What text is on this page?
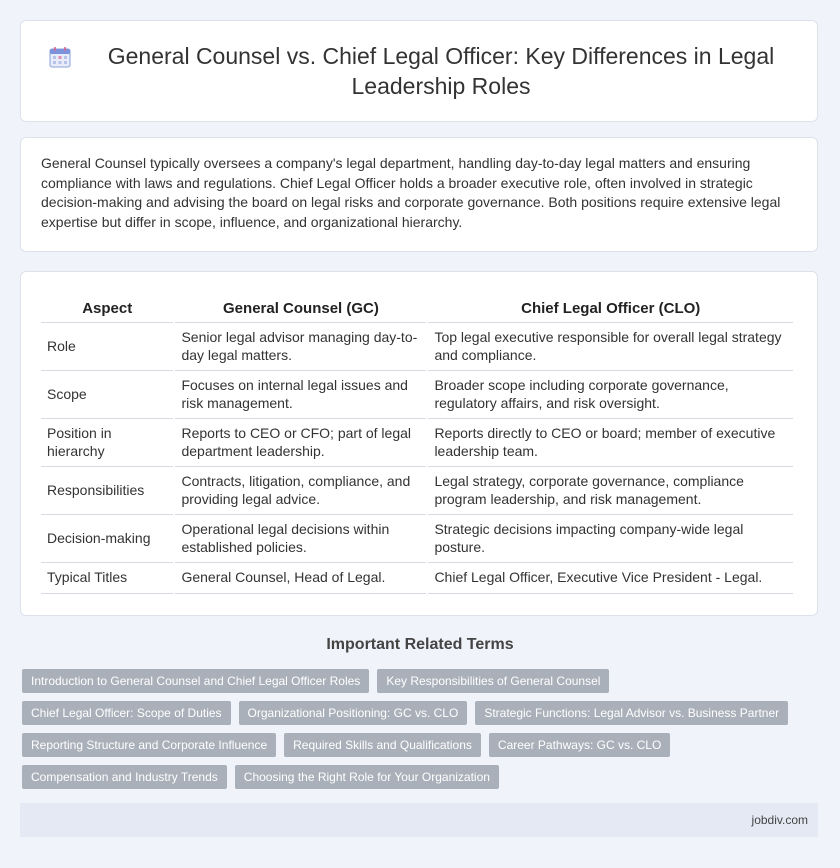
General Counsel vs. Chief Legal Officer: Key Differences in Legal Leadership Roles

General Counsel typically oversees a company's legal department, handling day-to-day legal matters and ensuring compliance with laws and regulations. Chief Legal Officer holds a broader executive role, often involved in strategic decision-making and advising the board on legal risks and corporate governance. Both positions require extensive legal expertise but differ in scope, influence, and organizational hierarchy.

Aspect	General Counsel (GC)	Chief Legal Officer (CLO)
Role	Senior legal advisor managing day-to-day legal matters.	Top legal executive responsible for overall legal strategy and compliance.
Scope	Focuses on internal legal issues and risk management.	Broader scope including corporate governance, regulatory affairs, and risk oversight.
Position in hierarchy	Reports to CEO or CFO; part of legal department leadership.	Reports directly to CEO or board; member of executive leadership team.
Responsibilities	Contracts, litigation, compliance, and providing legal advice.	Legal strategy, corporate governance, compliance program leadership, and risk management.
Decision-making	Operational legal decisions within established policies.	Strategic decisions impacting company-wide legal posture.
Typical Titles	General Counsel, Head of Legal.	Chief Legal Officer, Executive Vice President - Legal.
Important Related Terms
Introduction to General Counsel and Chief Legal Officer Roles	Key Responsibilities of General Counsel
Chief Legal Officer: Scope of Duties	Organizational Positioning: GC vs. CLO	Strategic Functions: Legal Advisor vs. Business Partner
Reporting Structure and Corporate Influence	Required Skills and Qualifications	Career Pathways: GC vs. CLO
Compensation and Industry Trends	Choosing the Right Role for Your Organization
jobdiv.com
